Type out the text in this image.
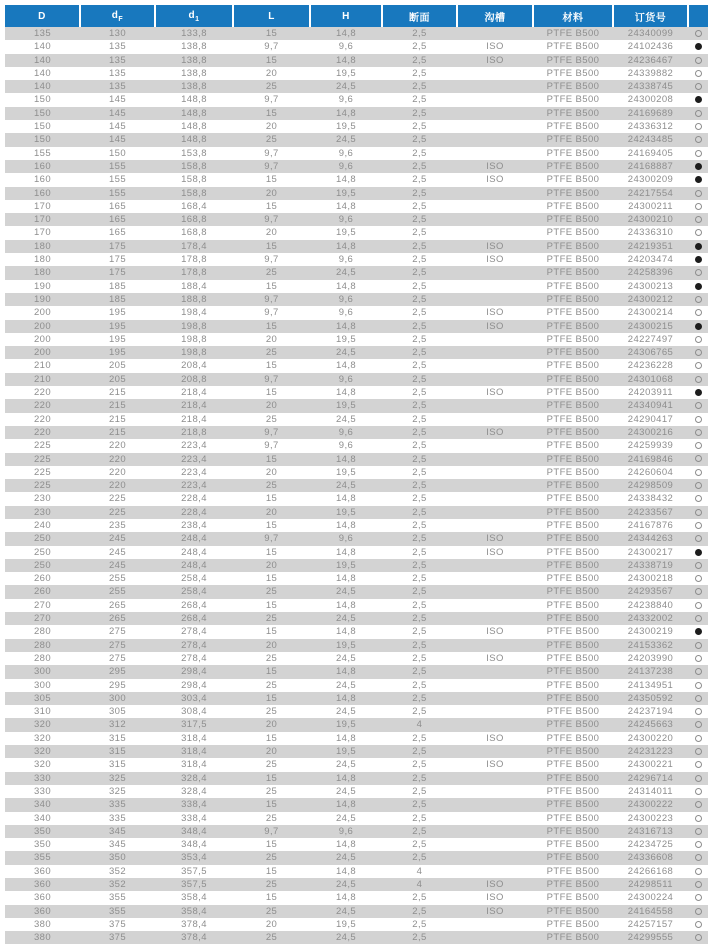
D	$d_F$	$d_1$	L	H	断面	沟槽	材料	订货号	
135	130	133,8	15	14,8	2,5		PTFE B500	24340099	
140	135	138,8	9,7	9,6	2,5	ISO	PTFE B500	24102436	
140	135	138,8	15	14,8	2,5	ISO	PTFE B500	24236467	
140	135	138,8	20	19,5	2,5		PTFE B500	24339882	
140	135	138,8	25	24,5	2,5		PTFE B500	24338745	
150	145	148,8	9,7	9,6	2,5		PTFE B500	24300208	
150	145	148,8	15	14,8	2,5		PTFE B500	24169689	
150	145	148,8	20	19,5	2,5		PTFE B500	24336312	
150	145	148,8	25	24,5	2,5		PTFE B500	24243485	
155	150	153,8	9,7	9,6	2,5		PTFE B500	24169405	
160	155	158,8	9,7	9,6	2,5	ISO	PTFE B500	24168887	
160	155	158,8	15	14,8	2,5	ISO	PTFE B500	24300209	
160	155	158,8	20	19,5	2,5		PTFE B500	24217554	
170	165	168,4	15	14,8	2,5		PTFE B500	24300211	
170	165	168,8	9,7	9,6	2,5		PTFE B500	24300210	
170	165	168,8	20	19,5	2,5		PTFE B500	24336310	
180	175	178,4	15	14,8	2,5	ISO	PTFE B500	24219351	
180	175	178,8	9,7	9,6	2,5	ISO	PTFE B500	24203474	
180	175	178,8	25	24,5	2,5		PTFE B500	24258396	
190	185	188,4	15	14,8	2,5		PTFE B500	24300213	
190	185	188,8	9,7	9,6	2,5		PTFE B500	24300212	
200	195	198,4	9,7	9,6	2,5	ISO	PTFE B500	24300214	
200	195	198,8	15	14,8	2,5	ISO	PTFE B500	24300215	
200	195	198,8	20	19,5	2,5		PTFE B500	24227497	
200	195	198,8	25	24,5	2,5		PTFE B500	24306765	
210	205	208,4	15	14,8	2,5		PTFE B500	24236228	
210	205	208,8	9,7	9,6	2,5		PTFE B500	24301068	
220	215	218,4	15	14,8	2,5	ISO	PTFE B500	24203911	
220	215	218,4	20	19,5	2,5		PTFE B500	24340941	
220	215	218,4	25	24,5	2,5		PTFE B500	24290417	
220	215	218,8	9,7	9,6	2,5	ISO	PTFE B500	24300216	
225	220	223,4	9,7	9,6	2,5		PTFE B500	24259939	
225	220	223,4	15	14,8	2,5		PTFE B500	24169846	
225	220	223,4	20	19,5	2,5		PTFE B500	24260604	
225	220	223,4	25	24,5	2,5		PTFE B500	24298509	
230	225	228,4	15	14,8	2,5		PTFE B500	24338432	
230	225	228,4	20	19,5	2,5		PTFE B500	24233567	
240	235	238,4	15	14,8	2,5		PTFE B500	24167876	
250	245	248,4	9,7	9,6	2,5	ISO	PTFE B500	24344263	
250	245	248,4	15	14,8	2,5	ISO	PTFE B500	24300217	
250	245	248,4	20	19,5	2,5		PTFE B500	24338719	
260	255	258,4	15	14,8	2,5		PTFE B500	24300218	
260	255	258,4	25	24,5	2,5		PTFE B500	24293567	
270	265	268,4	15	14,8	2,5		PTFE B500	24238840	
270	265	268,4	25	24,5	2,5		PTFE B500	24332002	
280	275	278,4	15	14,8	2,5	ISO	PTFE B500	24300219	
280	275	278,4	20	19,5	2,5		PTFE B500	24153362	
280	275	278,4	25	24,5	2,5	ISO	PTFE B500	24203990	
300	295	298,4	15	14,8	2,5		PTFE B500	24137238	
300	295	298,4	25	24,5	2,5		PTFE B500	24134951	
305	300	303,4	15	14,8	2,5		PTFE B500	24350592	
310	305	308,4	25	24,5	2,5		PTFE B500	24237194	
320	312	317,5	20	19,5	4		PTFE B500	24245663	
320	315	318,4	15	14,8	2,5	ISO	PTFE B500	24300220	
320	315	318,4	20	19,5	2,5		PTFE B500	24231223	
320	315	318,4	25	24,5	2,5	ISO	PTFE B500	24300221	
330	325	328,4	15	14,8	2,5		PTFE B500	24296714	
330	325	328,4	25	24,5	2,5		PTFE B500	24314011	
340	335	338,4	15	14,8	2,5		PTFE B500	24300222	
340	335	338,4	25	24,5	2,5		PTFE B500	24300223	
350	345	348,4	9,7	9,6	2,5		PTFE B500	24316713	
350	345	348,4	15	14,8	2,5		PTFE B500	24234725	
355	350	353,4	25	24,5	2,5		PTFE B500	24336608	
360	352	357,5	15	14,8	4		PTFE B500	24266168	
360	352	357,5	25	24,5	4	ISO	PTFE B500	24298511	
360	355	358,4	15	14,8	2,5	ISO	PTFE B500	24300224	
360	355	358,4	25	24,5	2,5	ISO	PTFE B500	24164558	
380	375	378,4	20	19,5	2,5		PTFE B500	24257157	
380	375	378,4	25	24,5	2,5		PTFE B500	24299555	
